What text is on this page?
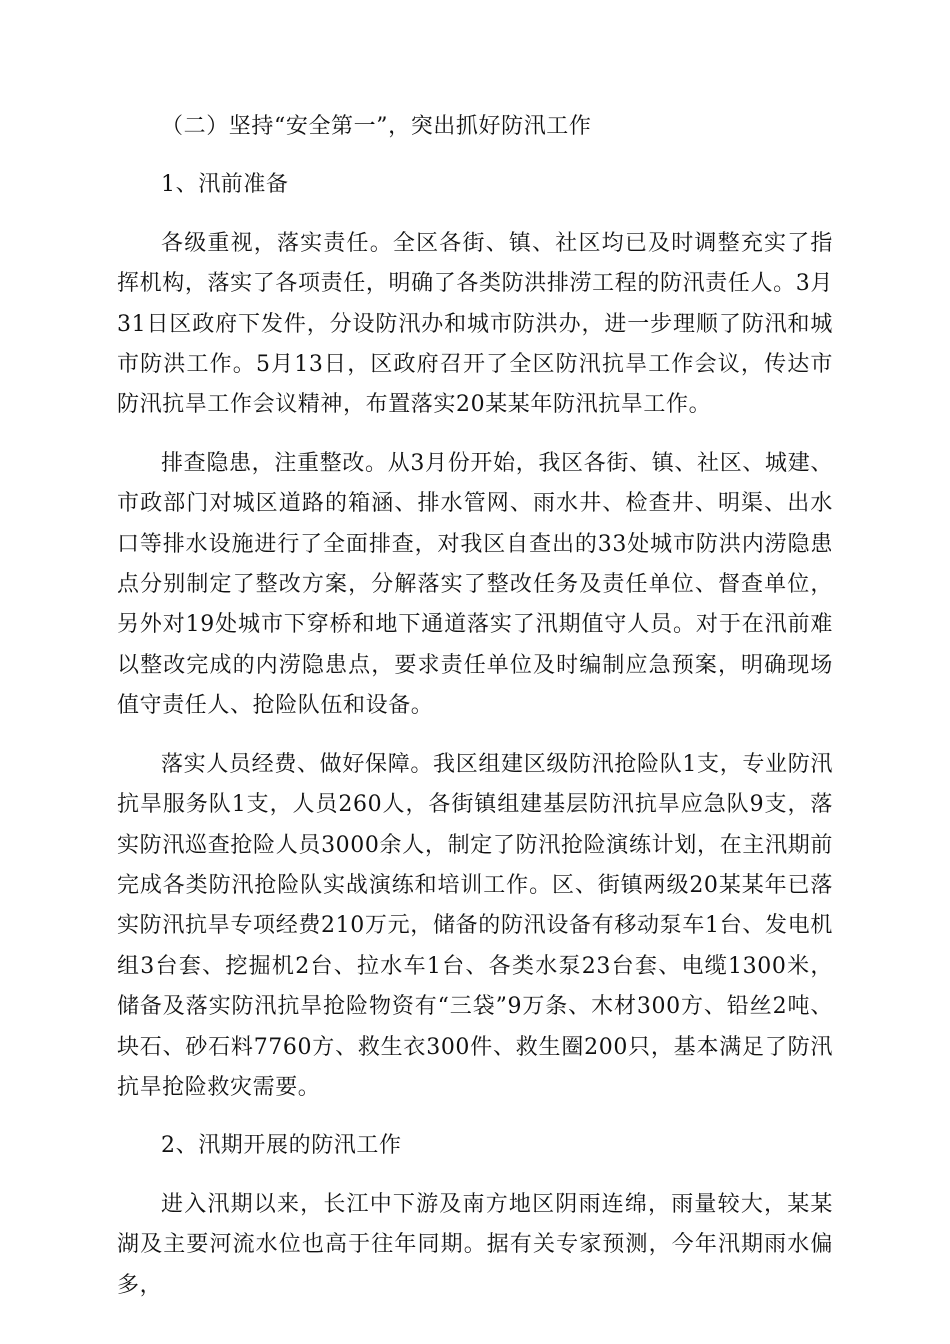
（二）坚持“安全第一”，突出抓好防汛工作

1、汛前准备

各级重视，落实责任。全区各街、镇、社区均已及时调整充实了指挥机构，落实了各项责任，明确了各类防洪排涝工程的防汛责任人。3月31日区政府下发件，分设防汛办和城市防洪办，进一步理顺了防汛和城市防洪工作。5月13日，区政府召开了全区防汛抗旱工作会议，传达市防汛抗旱工作会议精神，布置落实20某某年防汛抗旱工作。

排查隐患，注重整改。从3月份开始，我区各街、镇、社区、城建、市政部门对城区道路的箱涵、排水管网、雨水井、检查井、明渠、出水口等排水设施进行了全面排查，对我区自查出的33处城市防洪内涝隐患点分别制定了整改方案，分解落实了整改任务及责任单位、督查单位，另外对19处城市下穿桥和地下通道落实了汛期值守人员。对于在汛前难以整改完成的内涝隐患点，要求责任单位及时编制应急预案，明确现场值守责任人、抢险队伍和设备。

落实人员经费、做好保障。我区组建区级防汛抢险队1支，专业防汛抗旱服务队1支，人员260人，各街镇组建基层防汛抗旱应急队9支，落实防汛巡查抢险人员3000余人，制定了防汛抢险演练计划，在主汛期前完成各类防汛抢险队实战演练和培训工作。区、街镇两级20某某年已落实防汛抗旱专项经费210万元，储备的防汛设备有移动泵车1台、发电机组3台套、挖掘机2台、拉水车1台、各类水泵23台套、电缆1300米，储备及落实防汛抗旱抢险物资有“三袋”9万条、木材300方、铅丝2吨、块石、砂石料7760方、救生衣300件、救生圈200只，基本满足了防汛抗旱抢险救灾需要。

2、汛期开展的防汛工作

进入汛期以来，长江中下游及南方地区阴雨连绵，雨量较大，某某湖及主要河流水位也高于往年同期。据有关专家预测，今年汛期雨水偏多，
